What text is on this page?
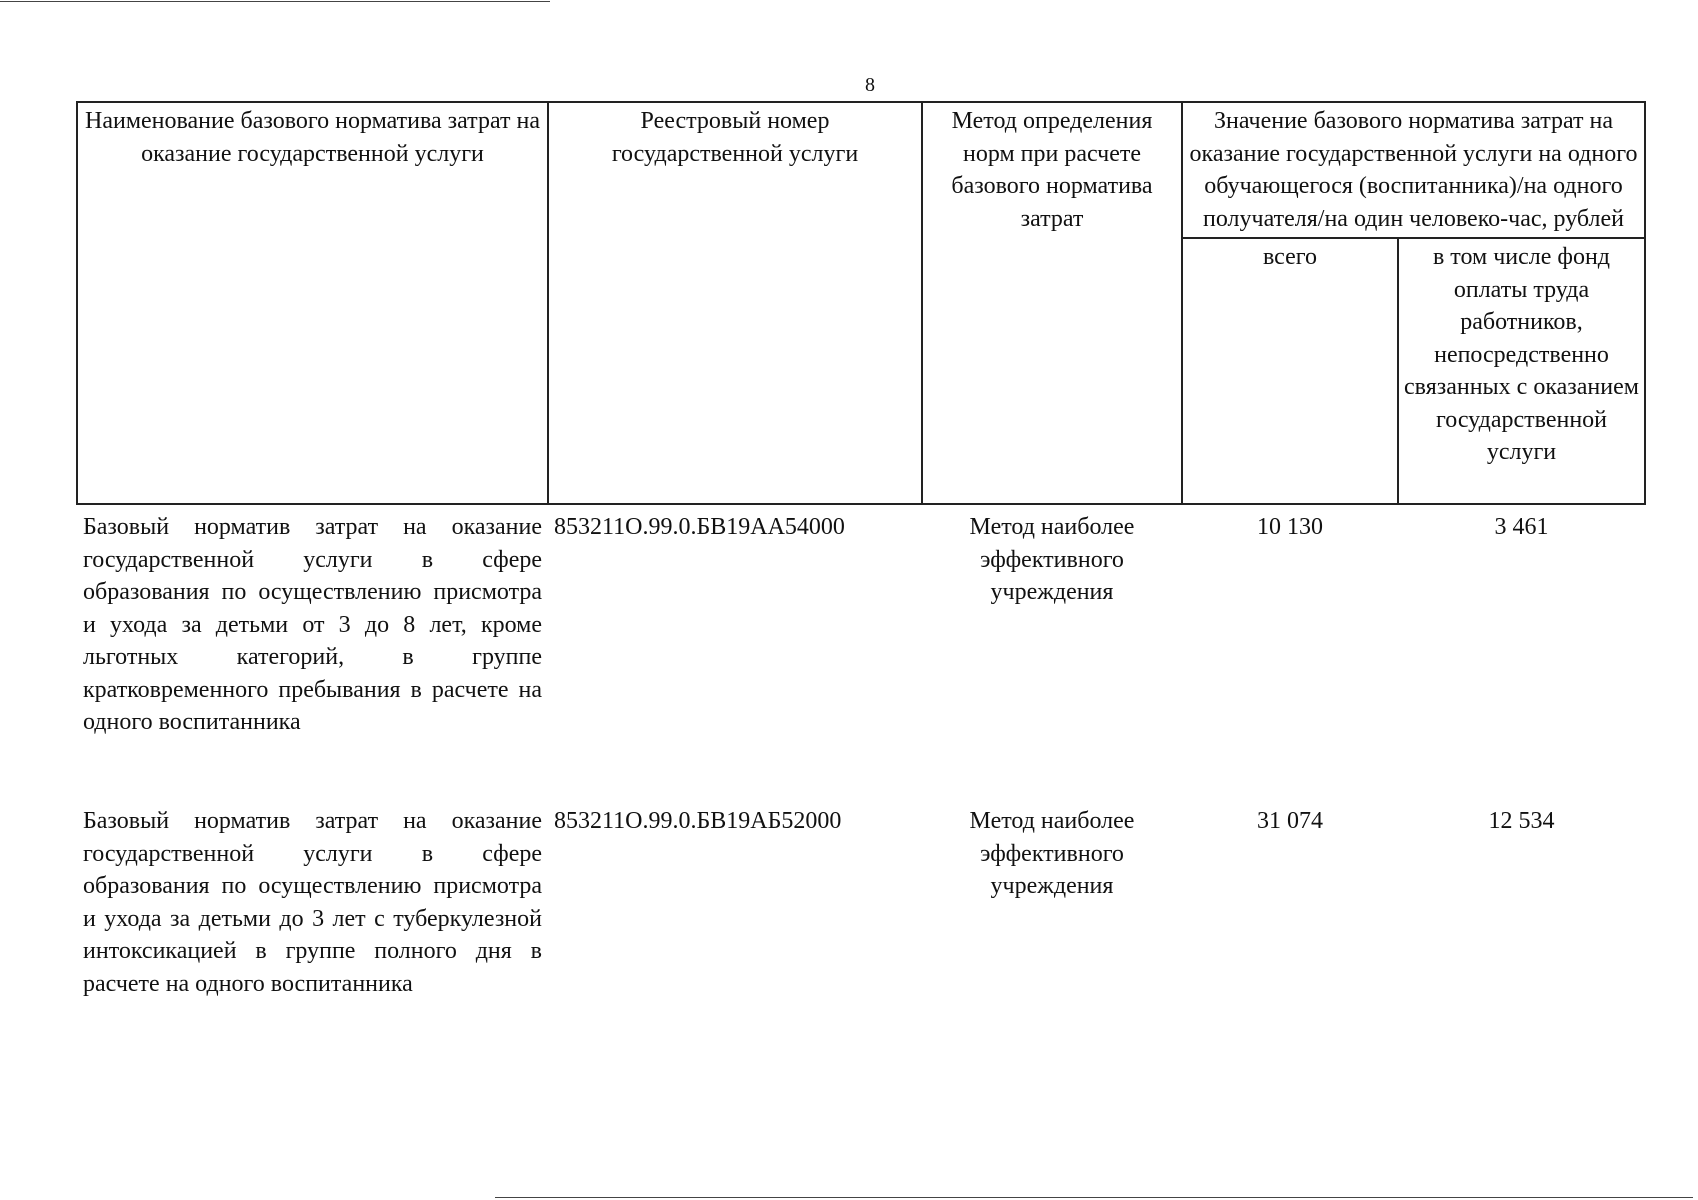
8
Наименование базового норматива затрат на оказание государственной услуги	Реестровый номер государственной услуги	Метод определения норм при расчете базового норматива затрат	Значение базового норматива затрат на оказание государственной услуги на одного обучающегося (воспитанника)/на одного получателя/на один человеко-час, рублей	
			всего	в том числе фонд оплаты труда работников, непосредственно связанных с оказанием государственной услуги
Базовый норматив затрат на оказание государственной услуги в сфере образования по осуществлению присмотра и ухода за детьми от 3 до 8 лет, кроме льготных категорий, в группе кратковременного пребывания в расчете на одного воспитанника	853211О.99.0.БВ19АА54000	Метод наиболее эффективного учреждения	10 130	3 461
Базовый норматив затрат на оказание государственной услуги в сфере образования по осуществлению присмотра и ухода за детьми до 3 лет с туберкулезной интоксикацией в группе полного дня в расчете на одного воспитанника	853211О.99.0.БВ19АБ52000	Метод наиболее эффективного учреждения	31 074	12 534
